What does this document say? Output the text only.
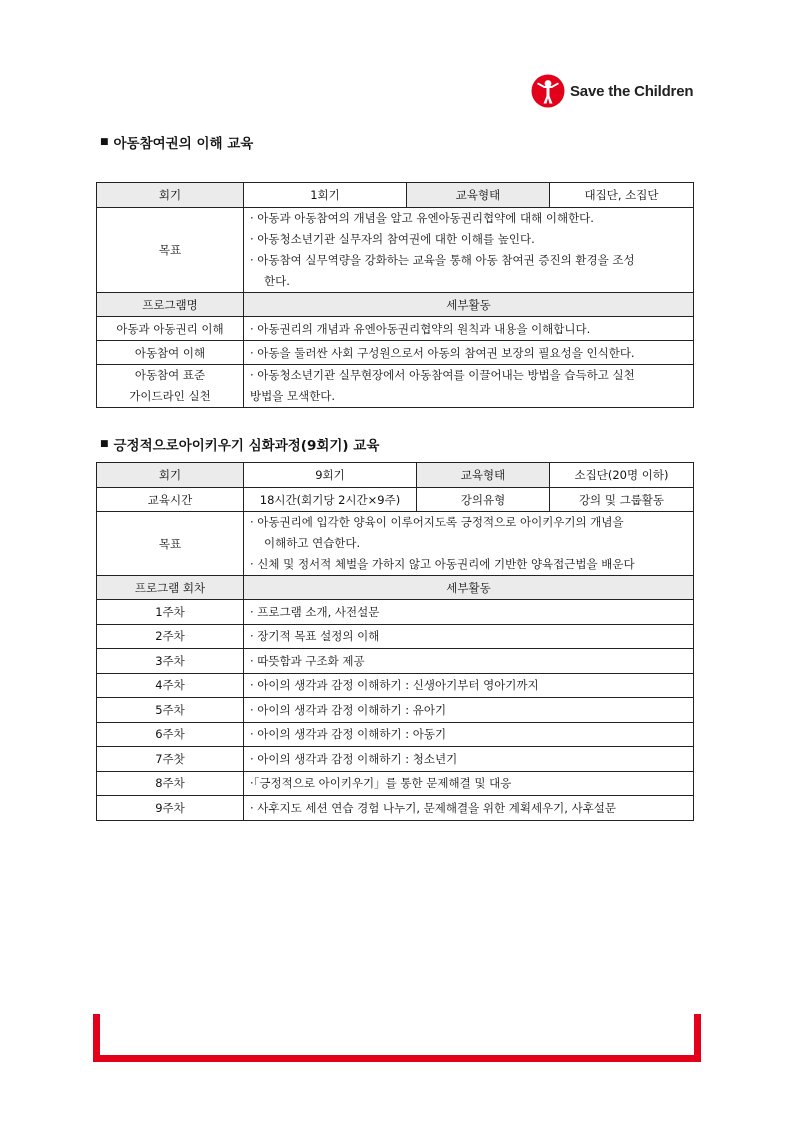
Save the Children
■ 아동참여권의 이해 교육
회기	1회기	교육형태	대집단, 소집단
목표	· 아동과 아동참여의 개념을 알고 유엔아동권리협약에 대해 이해한다.
· 아동청소년기관 실무자의 참여권에 대한 이해를 높인다.
· 아동참여 실무역량을 강화하는 교육을 통해 아동 참여권 증진의 환경을 조성
한다.		

프로그램명	세부활동		
아동과 아동권리 이해	· 아동권리의 개념과 유엔아동권리협약의 원칙과 내용을 이해합니다.		
아동참여 이해	· 아동을 둘러싼 사회 구성원으로서 아동의 참여권 보장의 필요성을 인식한다.		

아동참여 표준
가이드라인 실천	· 아동청소년기관 실무현장에서 아동참여를 이끌어내는 방법을 습득하고 실천
방법을 모색한다.		
■ 긍정적으로아이키우기 심화과정(9회기) 교육
회기	9회기	교육형태	소집단(20명 이하)
교육시간	18시간(회기당 2시간×9주)	강의유형	강의 및 그룹활동
목표	· 아동권리에 입각한 양육이 이루어지도록 긍정적으로 아이키우기의 개념을
이해하고 연습한다.
· 신체 및 정서적 체벌을 가하지 않고 아동권리에 기반한 양육접근법을 배운다		

프로그램 회차	세부활동		
1주차	· 프로그램 소개, 사전설문		
2주차	· 장기적 목표 설정의 이해		
3주차	· 따뜻함과 구조화 제공		
4주차	· 아이의 생각과 감정 이해하기 : 신생아기부터 영아기까지		
5주차	· 아이의 생각과 감정 이해하기 : 유아기		
6주차	· 아이의 생각과 감정 이해하기 : 아동기		
7주찻	· 아이의 생각과 감정 이해하기 : 청소년기		
8주차	·「긍정적으로 아이키우기」를 통한 문제해결 및 대응		
9주차	· 사후지도 세션 연습 경험 나누기, 문제해결을 위한 계획세우기, 사후설문		
